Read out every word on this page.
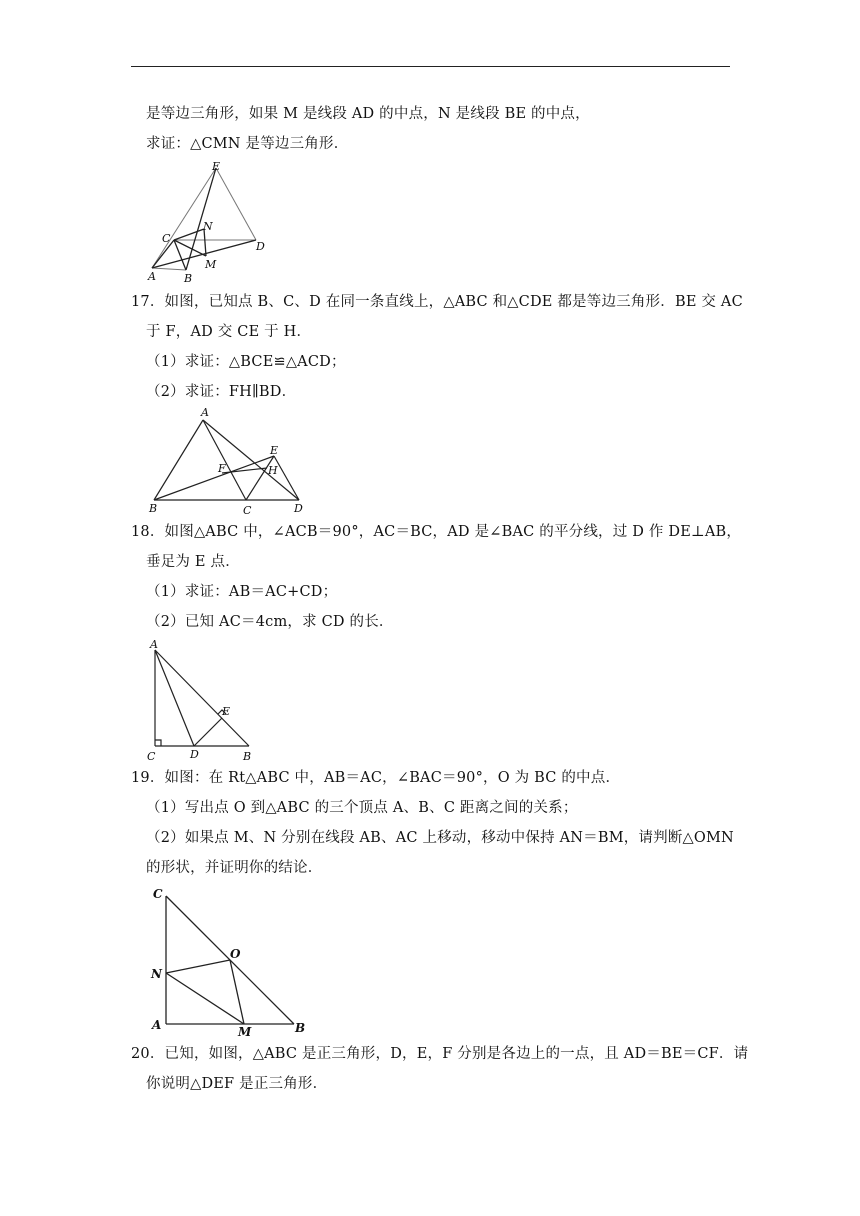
是等边三角形，如果 M 是线段 AD 的中点，N 是线段 BE 的中点，
求证：△CMN 是等边三角形．
E
N
C
D
M
A	B
17．如图，已知点 B、C、D 在同一条直线上，△ABC 和△CDE 都是等边三角形．BE 交 AC
于 F，AD 交 CE 于 H．
（1）求证：△BCE≌△ACD；
（2）求证：FH∥BD．
A
E
F	H
B	C	D
18．如图△ABC 中，∠ACB＝90°，AC＝BC，AD 是∠BAC 的平分线，过 D 作 DE⊥AB，
垂足为 E 点．
（1）求证：AB＝AC+CD；
（2）已知 AC＝4cm，求 CD 的长．
A
E
C	D	B
19．如图：在 Rt△ABC 中，AB＝AC，∠BAC＝90°，O 为 BC 的中点．
（1）写出点 O 到△ABC 的三个顶点 A、B、C 距离之间的关系；
（2）如果点 M、N 分别在线段 AB、AC 上移动，移动中保持 AN＝BM，请判断△OMN
的形状，并证明你的结论．
C
O
N
A	M	B
20．已知，如图，△ABC 是正三角形，D，E，F 分别是各边上的一点，且 AD＝BE＝CF．请
你说明△DEF 是正三角形．
